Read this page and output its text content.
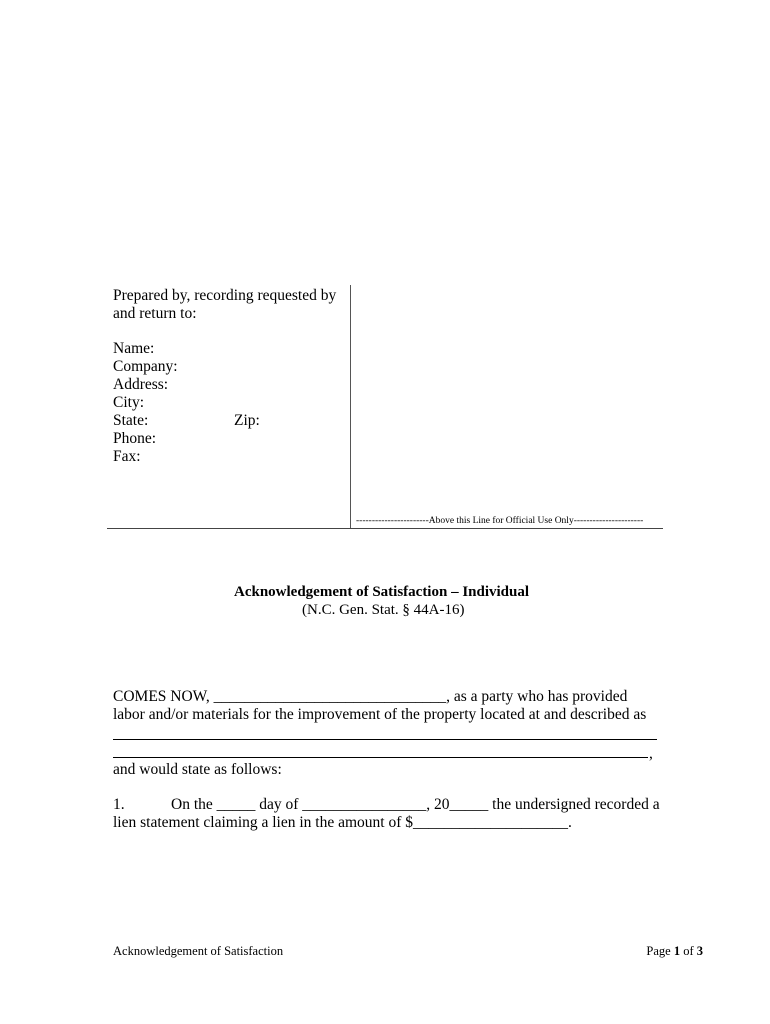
Prepared by, recording requested by
and return to:
Name:
Company:
Address:
City:
State:	Zip:
Phone:
Fax:
-----------------------Above this Line for Official Use Only----------------------
Acknowledgement of Satisfaction – Individual
(N.C. Gen. Stat. § 44A-16)
COMES NOW, ______________________________, as a party who has provided
labor and/or materials for the improvement of the property located at and described as
,
and would state as follows:
1.	On the _____ day of ________________, 20_____ the undersigned recorded a
lien statement claiming a lien in the amount of $____________________.
Acknowledgement of Satisfaction	Page 1 of 3
